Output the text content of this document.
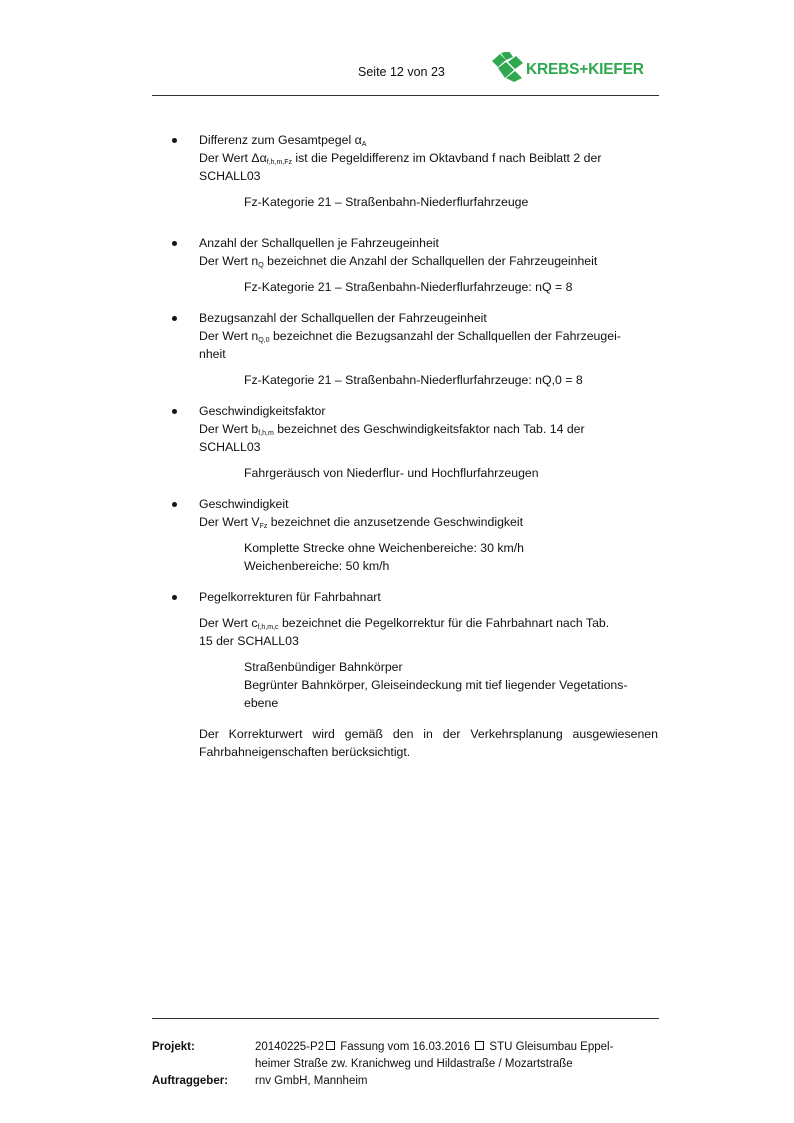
Seite 12 von 23	KREBS+KIEFER

Differenz zum Gesamtpegel $\alpha_A$

Der Wert $\Delta\alpha_{f,h,m,Fz}$ ist die Pegeldifferenz im Oktavband f nach Beiblatt 2 der

SCHALL03

Fz-Kategorie 21 – Straßenbahn-Niederflurfahrzeuge

Anzahl der Schallquellen je Fahrzeugeinheit

Der Wert $n_Q$ bezeichnet die Anzahl der Schallquellen der Fahrzeugeinheit

Fz-Kategorie 21 – Straßenbahn-Niederflurfahrzeuge: nQ = 8

Bezugsanzahl der Schallquellen der Fahrzeugeinheit

Der Wert $n_{Q,0}$ bezeichnet die Bezugsanzahl der Schallquellen der Fahrzeugei-

nheit

Fz-Kategorie 21 – Straßenbahn-Niederflurfahrzeuge: nQ,0 = 8

Geschwindigkeitsfaktor

Der Wert $b_{f,h,m}$ bezeichnet des Geschwindigkeitsfaktor nach Tab. 14 der

SCHALL03

Fahrgeräusch von Niederflur- und Hochflurfahrzeugen

Geschwindigkeit

Der Wert $V_{Fz}$ bezeichnet die anzusetzende Geschwindigkeit

Komplette Strecke ohne Weichenbereiche: 30 km/h

Weichenbereiche: 50 km/h

Pegelkorrekturen für Fahrbahnart

Der Wert $c_{f,h,m,c}$ bezeichnet die Pegelkorrektur für die Fahrbahnart nach Tab.

15 der SCHALL03

Straßenbündiger Bahnkörper

Begrünter Bahnkörper, Gleiseindeckung mit tief liegender Vegetations-

ebene

Der Korrekturwert wird gemäß den in der Verkehrsplanung ausgewiesenen Fahrbahneigenschaften berücksichtigt.

Projekt:	20140225-P2 Fassung vom 16.03.2016  STU Gleisumbau Eppel-
heimer Straße zw. Kranichweg und Hildastraße / Mozartstraße
Auftraggeber: rnv GmbH, Mannheim
